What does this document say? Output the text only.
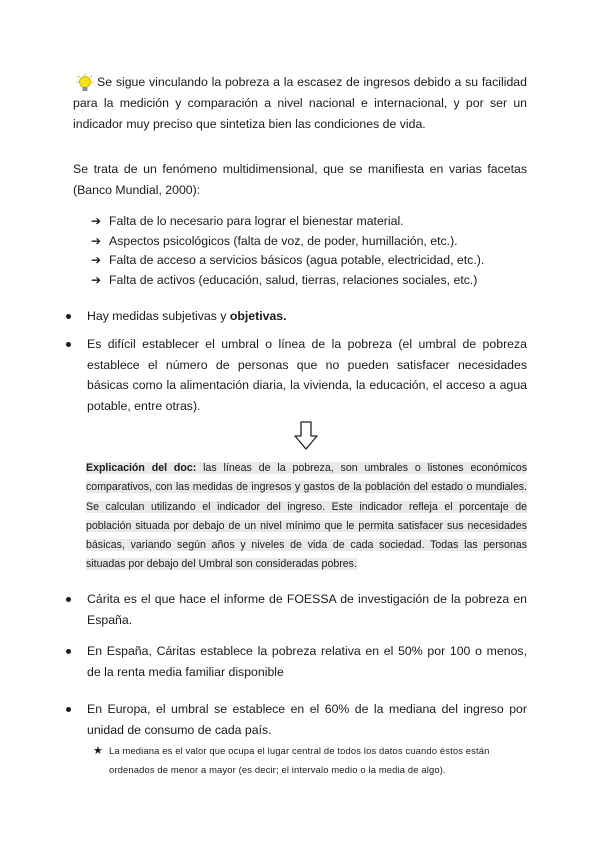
Se sigue vinculando la pobreza a la escasez de ingresos debido a su facilidad para la medición y comparación a nivel nacional e internacional, y por ser un indicador muy preciso que sintetiza bien las condiciones de vida.

Se trata de un fenómeno multidimensional, que se manifiesta en varias facetas (Banco Mundial, 2000):

➔ Falta de lo necesario para lograr el bienestar material.
➔ Aspectos psicológicos (falta de voz, de poder, humillación, etc.).
➔ Falta de acceso a servicios básicos (agua potable, electricidad, etc.).
➔ Falta de activos (educación, salud, tierras, relaciones sociales, etc.)
Hay medidas subjetivas y objetivas.
Es difícil establecer el umbral o línea de la pobreza (el umbral de pobreza establece el número de personas que no pueden satisfacer necesidades básicas como la alimentación diaria, la vivienda, la educación, el acceso a agua potable, entre otras).
Explicación del doc: las líneas de la pobreza, son umbrales o listones económicos comparativos, con las medidas de ingresos y gastos de la población del estado o mundiales. Se calculan utilizando el indicador del ingreso. Este indicador refleja el porcentaje de población situada por debajo de un nivel mínimo que le permita satisfacer sus necesidades básicas, variando según años y niveles de vida de cada sociedad. Todas las personas situadas por debajo del Umbral son consideradas pobres.
Cárita es el que hace el informe de FOESSA de investigación de la pobreza en España.
En España, Cáritas establece la pobreza relativa en el 50% por 100 o menos, de la renta media familiar disponible
En Europa, el umbral se establece en el 60% de la mediana del ingreso por unidad de consumo de cada país.
★ La mediana es el valor que ocupa el lugar central de todos los datos cuando éstos están ordenados de menor a mayor (es decir; el intervalo medio o la media de algo).
